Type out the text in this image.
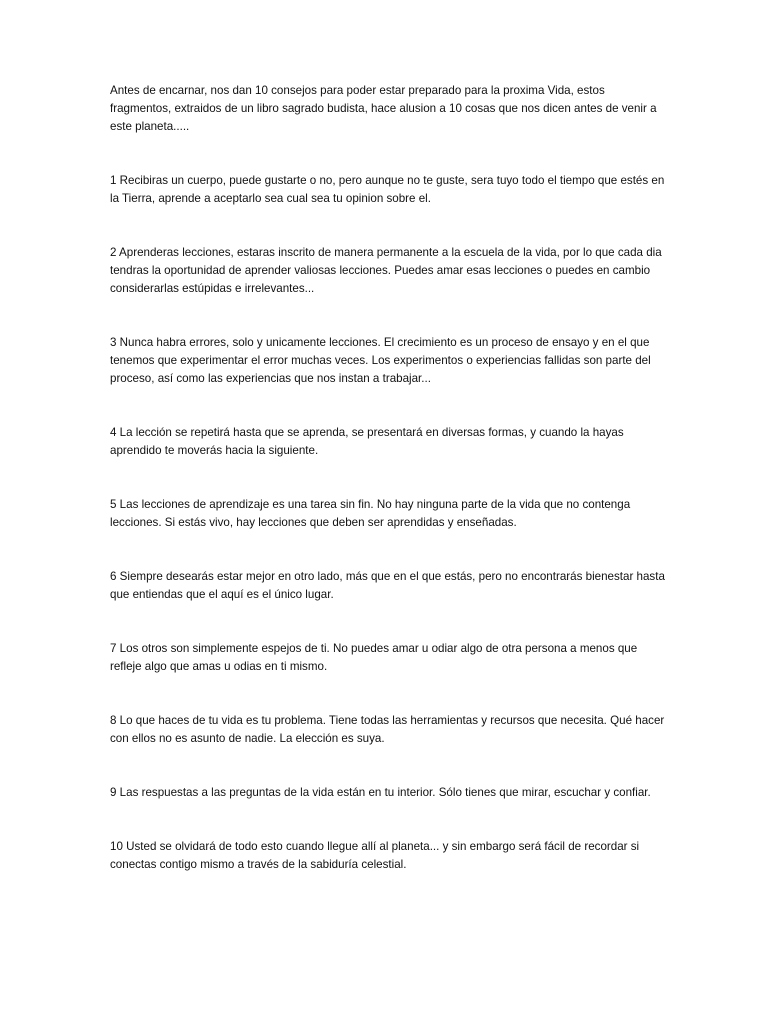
Antes de encarnar, nos dan 10 consejos para poder estar preparado para la proxima Vida, estos fragmentos, extraidos de un libro sagrado budista, hace alusion a 10 cosas que nos dicen antes de venir a este planeta.....

1 Recibiras un cuerpo, puede gustarte o no, pero aunque no te guste, sera tuyo todo el tiempo que estés en la Tierra, aprende a aceptarlo sea cual sea tu opinion sobre el.

2 Aprenderas lecciones, estaras inscrito de manera permanente a la escuela de la vida, por lo que cada dia tendras la oportunidad de aprender valiosas lecciones. Puedes amar esas lecciones o puedes en cambio considerarlas estúpidas e irrelevantes...

3 Nunca habra errores, solo y unicamente lecciones. El crecimiento es un proceso de ensayo y en el que tenemos que experimentar el error muchas veces. Los experimentos o experiencias fallidas son parte del proceso, así como las experiencias que nos instan a trabajar...

4 La lección se repetirá hasta que se aprenda, se presentará en diversas formas, y cuando la hayas aprendido te moverás hacia la siguiente.

5 Las lecciones de aprendizaje es una tarea sin fin. No hay ninguna parte de la vida que no contenga lecciones. Si estás vivo, hay lecciones que deben ser aprendidas y enseñadas.

6 Siempre desearás estar mejor en otro lado, más que en el que estás, pero no encontrarás bienestar hasta que entiendas que el aquí es el único lugar.

7 Los otros son simplemente espejos de ti. No puedes amar u odiar algo de otra persona a menos que refleje algo que amas u odias en ti mismo.

8 Lo que haces de tu vida es tu problema. Tiene todas las herramientas y recursos que necesita. Qué hacer con ellos no es asunto de nadie. La elección es suya.

9 Las respuestas a las preguntas de la vida están en tu interior. Sólo tienes que mirar, escuchar y confiar.

10 Usted se olvidará de todo esto cuando llegue allí al planeta... y sin embargo será fácil de recordar si conectas contigo mismo a través de la sabiduría celestial.
